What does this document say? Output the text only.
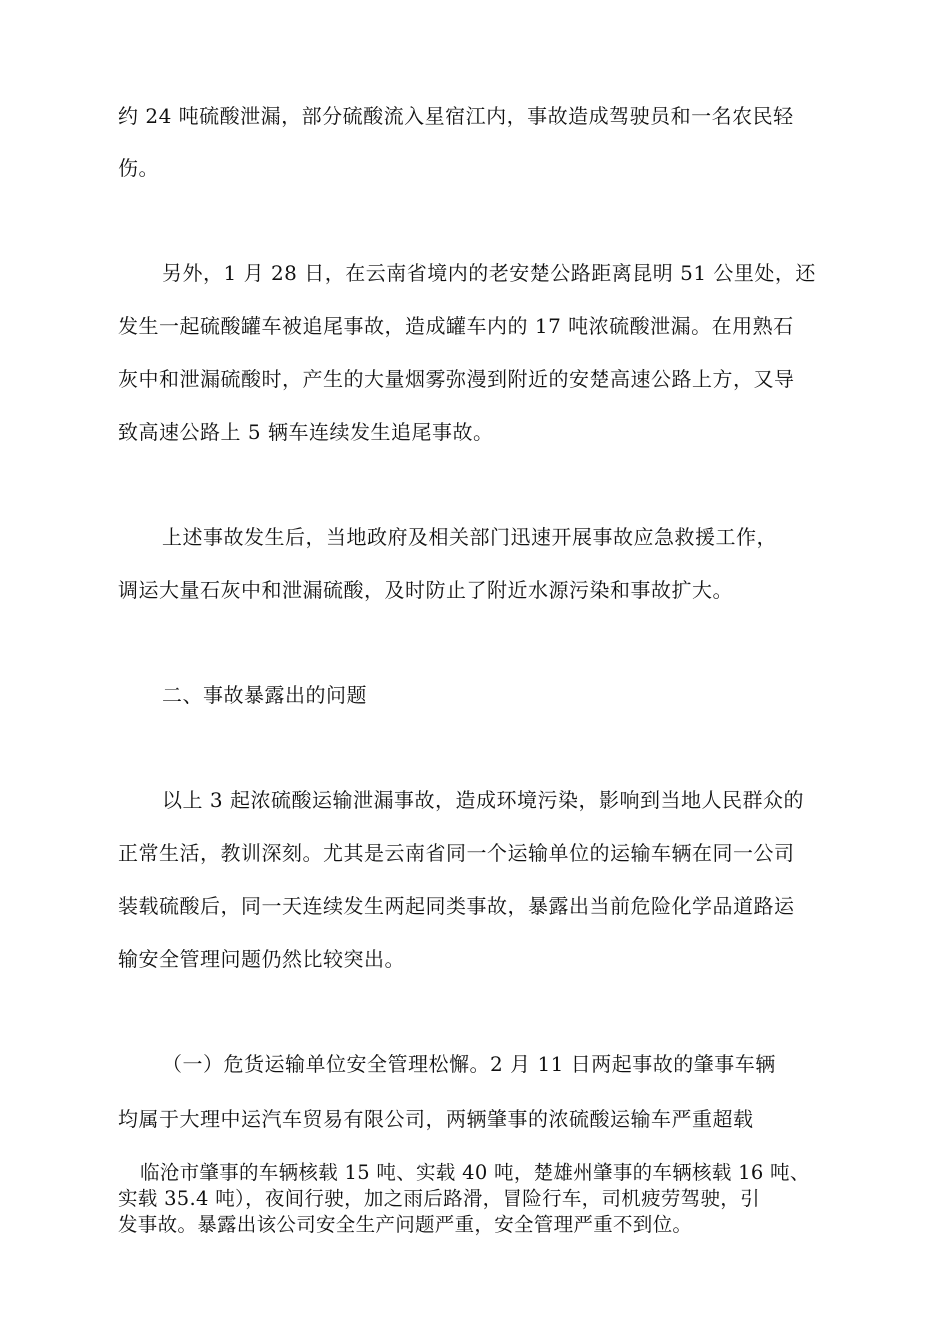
约 24 吨硫酸泄漏，部分硫酸流入星宿江内，事故造成驾驶员和一名农民轻
伤。
另外，1 月 28 日，在云南省境内的老安楚公路距离昆明 51 公里处，还
发生一起硫酸罐车被追尾事故，造成罐车内的 17 吨浓硫酸泄漏。在用熟石
灰中和泄漏硫酸时，产生的大量烟雾弥漫到附近的安楚高速公路上方，又导
致高速公路上 5 辆车连续发生追尾事故。
上述事故发生后，当地政府及相关部门迅速开展事故应急救援工作，
调运大量石灰中和泄漏硫酸，及时防止了附近水源污染和事故扩大。
二、事故暴露出的问题
以上 3 起浓硫酸运输泄漏事故，造成环境污染，影响到当地人民群众的
正常生活，教训深刻。尤其是云南省同一个运输单位的运输车辆在同一公司
装载硫酸后，同一天连续发生两起同类事故，暴露出当前危险化学品道路运
输安全管理问题仍然比较突出。
（一）危货运输单位安全管理松懈。2 月 11 日两起事故的肇事车辆
均属于大理中运汽车贸易有限公司，两辆肇事的浓硫酸运输车严重超载
临沧市肇事的车辆核载 15 吨、实载 40 吨，楚雄州肇事的车辆核载 16 吨、
实载 35.4 吨），夜间行驶，加之雨后路滑，冒险行车，司机疲劳驾驶，引
发事故。暴露出该公司安全生产问题严重，安全管理严重不到位。
